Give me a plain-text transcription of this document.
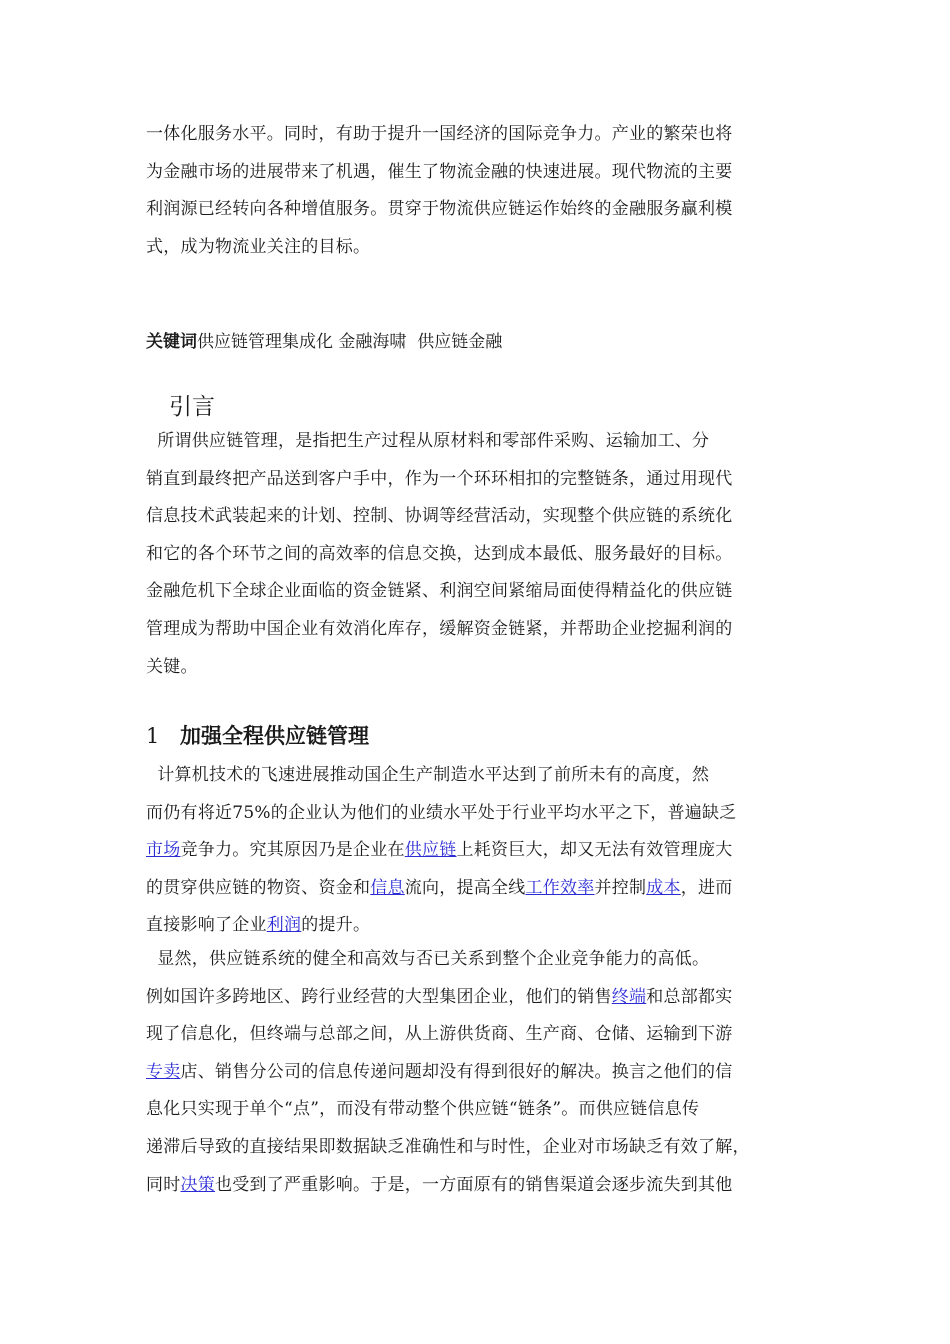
一体化服务水平。同时，有助于提升一国经济的国际竞争力。产业的繁荣也将

为金融市场的进展带来了机遇，催生了物流金融的快速进展。现代物流的主要

利润源已经转向各种增值服务。贯穿于物流供应链运作始终的金融服务赢利模

式，成为物流业关注的目标。

关键词供应链管理集成化 金融海啸  供应链金融
引言

所谓供应链管理，是指把生产过程从原材料和零部件采购、运输加工、分

销直到最终把产品送到客户手中，作为一个环环相扣的完整链条，通过用现代

信息技术武装起来的计划、控制、协调等经营活动，实现整个供应链的系统化

和它的各个环节之间的高效率的信息交换，达到成本最低、服务最好的目标。

金融危机下全球企业面临的资金链紧、利润空间紧缩局面使得精益化的供应链

管理成为帮助中国企业有效消化库存，缓解资金链紧，并帮助企业挖掘利润的

关键。

1 加强全程供应链管理

计算机技术的飞速进展推动国企生产制造水平达到了前所未有的高度，然

而仍有将近75%的企业认为他们的业绩水平处于行业平均水平之下，普遍缺乏

市场竞争力。究其原因乃是企业在供应链上耗资巨大，却又无法有效管理庞大

的贯穿供应链的物资、资金和信息流向，提高全线工作效率并控制成本，进而

直接影响了企业利润的提升。

显然，供应链系统的健全和高效与否已关系到整个企业竞争能力的高低。

例如国许多跨地区、跨行业经营的大型集团企业，他们的销售终端和总部都实

现了信息化，但终端与总部之间，从上游供货商、生产商、仓储、运输到下游

专卖店、销售分公司的信息传递问题却没有得到很好的解决。换言之他们的信

息化只实现于单个“点”，而没有带动整个供应链“链条”。而供应链信息传

递滞后导致的直接结果即数据缺乏准确性和与时性，企业对市场缺乏有效了解，

同时决策也受到了严重影响。于是，一方面原有的销售渠道会逐步流失到其他
